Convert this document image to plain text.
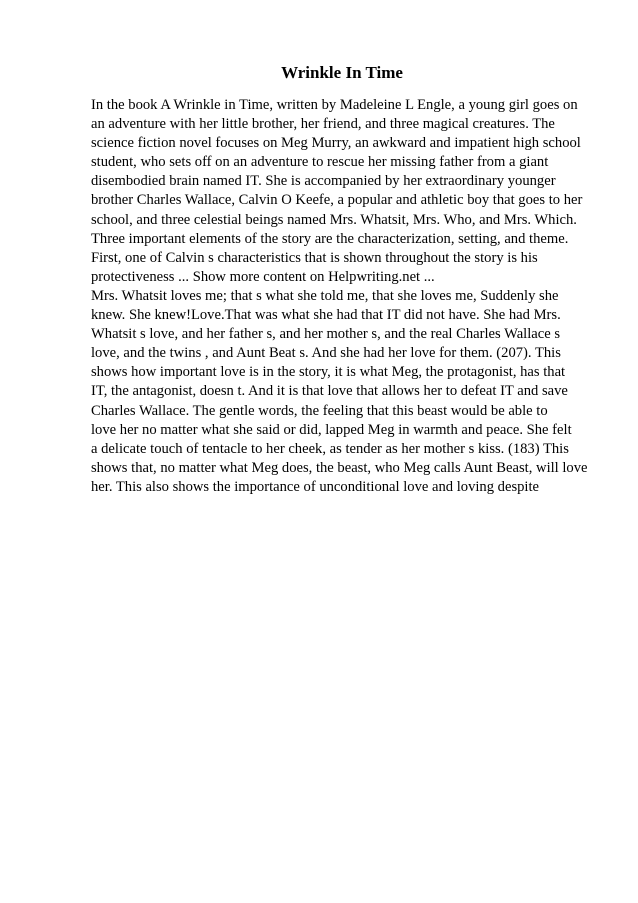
Wrinkle In Time
In the book A Wrinkle in Time, written by Madeleine L Engle, a young girl goes on
an adventure with her little brother, her friend, and three magical creatures. The
science fiction novel focuses on Meg Murry, an awkward and impatient high school
student, who sets off on an adventure to rescue her missing father from a giant
disembodied brain named IT. She is accompanied by her extraordinary younger
brother Charles Wallace, Calvin O Keefe, a popular and athletic boy that goes to her
school, and three celestial beings named Mrs. Whatsit, Mrs. Who, and Mrs. Which.
Three important elements of the story are the characterization, setting, and theme.
First, one of Calvin s characteristics that is shown throughout the story is his
protectiveness ... Show more content on Helpwriting.net ...
Mrs. Whatsit loves me; that s what she told me, that she loves me, Suddenly she
knew. She knew!Love.That was what she had that IT did not have. She had Mrs.
Whatsit s love, and her father s, and her mother s, and the real Charles Wallace s
love, and the twins , and Aunt Beat s. And she had her love for them. (207). This
shows how important love is in the story, it is what Meg, the protagonist, has that
IT, the antagonist, doesn t. And it is that love that allows her to defeat IT and save
Charles Wallace. The gentle words, the feeling that this beast would be able to
love her no matter what she said or did, lapped Meg in warmth and peace. She felt
a delicate touch of tentacle to her cheek, as tender as her mother s kiss. (183) This
shows that, no matter what Meg does, the beast, who Meg calls Aunt Beast, will love
her. This also shows the importance of unconditional love and loving despite
